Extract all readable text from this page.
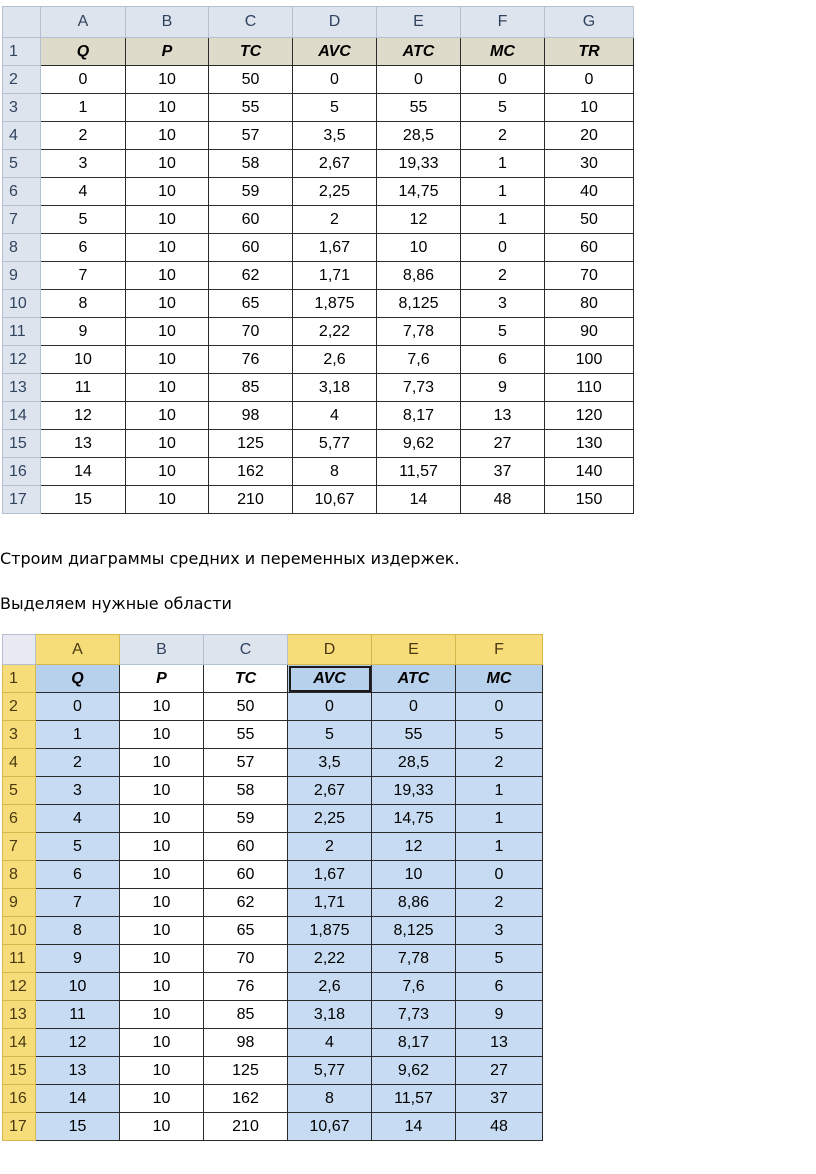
	A	B	C	D	E	F	G
1	Q	P	TC	AVC	ATC	MC	TR
2	0	10	50	0	0	0	0
3	1	10	55	5	55	5	10
4	2	10	57	3,5	28,5	2	20
5	3	10	58	2,67	19,33	1	30
6	4	10	59	2,25	14,75	1	40
7	5	10	60	2	12	1	50
8	6	10	60	1,67	10	0	60
9	7	10	62	1,71	8,86	2	70
10	8	10	65	1,875	8,125	3	80
11	9	10	70	2,22	7,78	5	90
12	10	10	76	2,6	7,6	6	100
13	11	10	85	3,18	7,73	9	110
14	12	10	98	4	8,17	13	120
15	13	10	125	5,77	9,62	27	130
16	14	10	162	8	11,57	37	140
17	15	10	210	10,67	14	48	150
Строим диаграммы средних и переменных издержек.
Выделяем нужные области
	A	B	C	D	E	F
1	Q	P	TC	AVC	ATC	MC
2	0	10	50	0	0	0
3	1	10	55	5	55	5
4	2	10	57	3,5	28,5	2
5	3	10	58	2,67	19,33	1
6	4	10	59	2,25	14,75	1
7	5	10	60	2	12	1
8	6	10	60	1,67	10	0
9	7	10	62	1,71	8,86	2
10	8	10	65	1,875	8,125	3
11	9	10	70	2,22	7,78	5
12	10	10	76	2,6	7,6	6
13	11	10	85	3,18	7,73	9
14	12	10	98	4	8,17	13
15	13	10	125	5,77	9,62	27
16	14	10	162	8	11,57	37
17	15	10	210	10,67	14	48
